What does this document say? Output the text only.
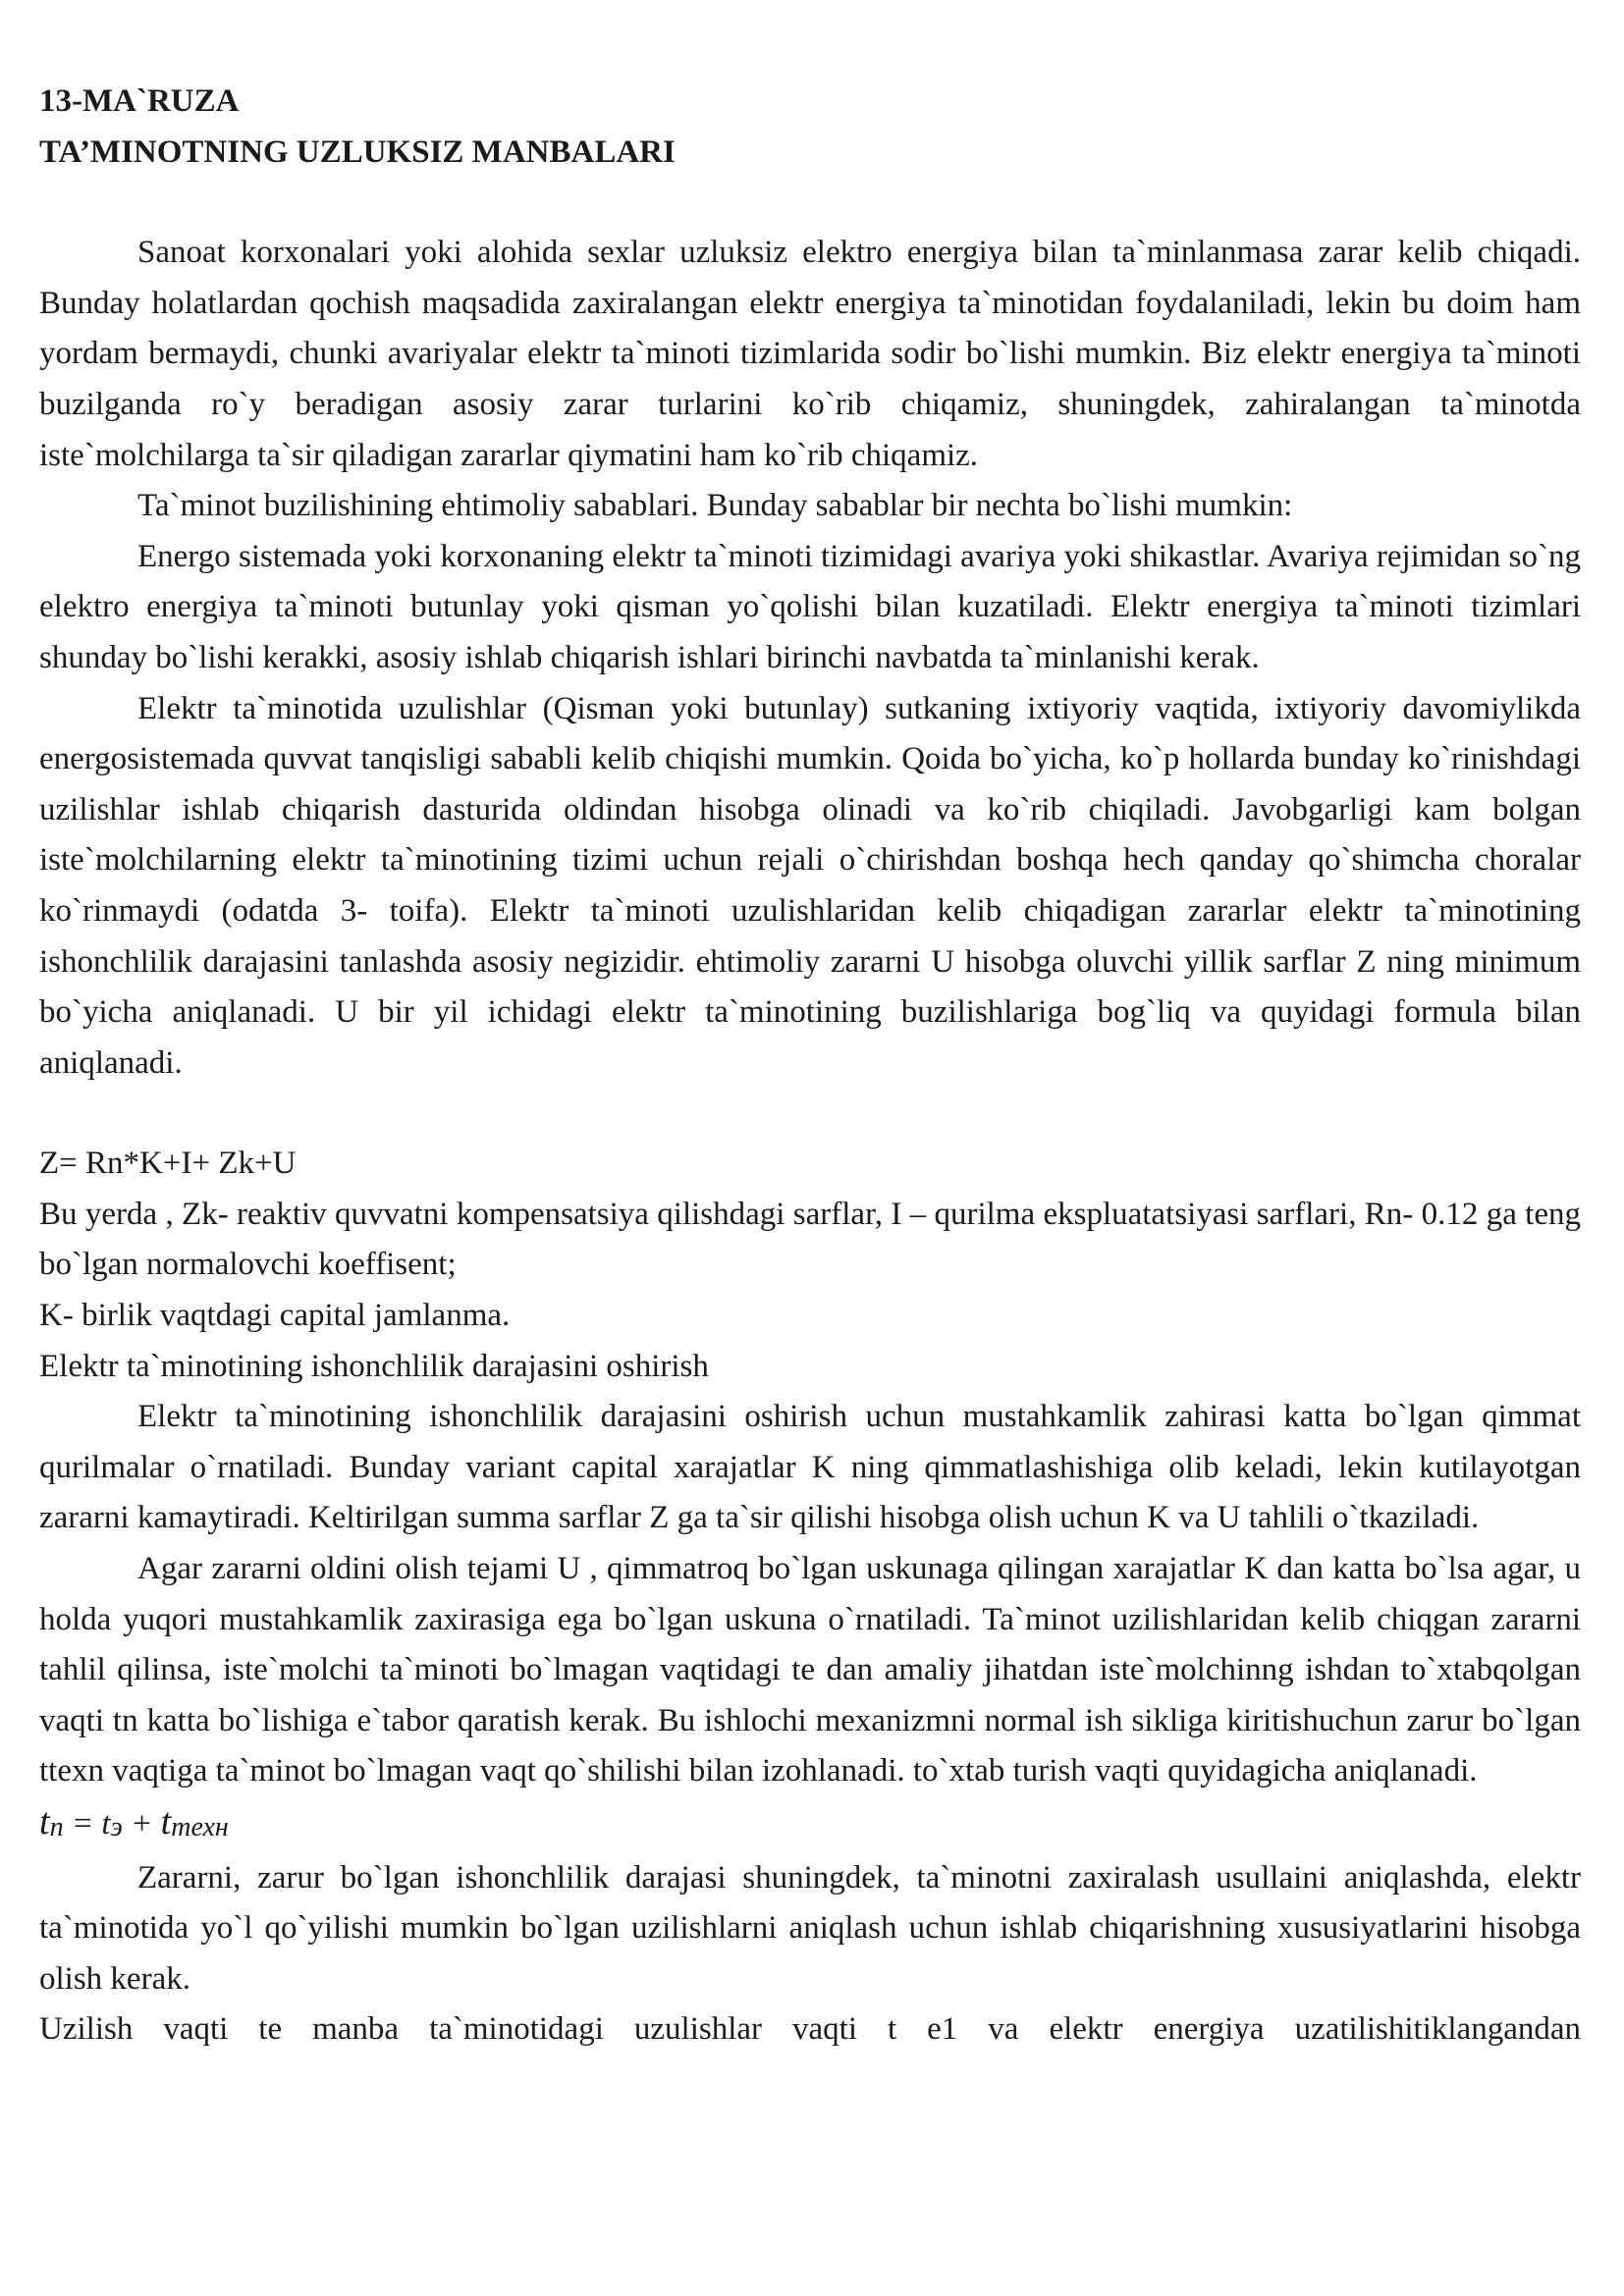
13-MA`RUZA

TA’MINOTNING UZLUKSIZ MANBALARI

Sanoat korxonalari yoki alohida sexlar uzluksiz elektro energiya bilan ta`minlanmasa zarar kelib chiqadi. Bunday holatlardan qochish maqsadida zaxiralangan elektr energiya ta`minotidan foydalaniladi, lekin bu doim ham yordam bermaydi, chunki avariyalar elektr ta`minoti tizimlarida sodir bo`lishi mumkin. Biz elektr energiya ta`minoti buzilganda ro`y beradigan asosiy zarar turlarini ko`rib chiqamiz, shuningdek, zahiralangan ta`minotda iste`molchilarga ta`sir qiladigan zararlar qiymatini ham ko`rib chiqamiz.

Ta`minot buzilishining ehtimoliy sabablari. Bunday sabablar bir nechta bo`lishi mumkin:

Energo sistemada yoki korxonaning elektr ta`minoti tizimidagi avariya yoki shikastlar. Avariya rejimidan so`ng elektro energiya ta`minoti butunlay yoki qisman yo`qolishi bilan kuzatiladi. Elektr energiya ta`minoti tizimlari shunday bo`lishi kerakki, asosiy ishlab chiqarish ishlari birinchi navbatda ta`minlanishi kerak.

Elektr ta`minotida uzulishlar (Qisman yoki butunlay) sutkaning ixtiyoriy vaqtida, ixtiyoriy davomiylikda energosistemada quvvat tanqisligi sababli kelib chiqishi mumkin. Qoida bo`yicha, ko`p hollarda bunday ko`rinishdagi uzilishlar ishlab chiqarish dasturida oldindan hisobga olinadi va ko`rib chiqiladi. Javobgarligi kam bolgan iste`molchilarning elektr ta`minotining tizimi uchun rejali o`chirishdan boshqa hech qanday qo`shimcha choralar ko`rinmaydi (odatda 3- toifa). Elektr ta`minoti uzulishlaridan kelib chiqadigan zararlar elektr ta`minotining ishonchlilik darajasini tanlashda asosiy negizidir. ehtimoliy zararni U hisobga oluvchi yillik sarflar Z ning minimum bo`yicha aniqlanadi. U bir yil ichidagi elektr ta`minotining buzilishlariga bog`liq va quyidagi formula bilan aniqlanadi.

Z= Rn*K+I+ Zk+U

Bu yerda , Zk- reaktiv quvvatni kompensatsiya qilishdagi sarflar, I – qurilma ekspluatatsiyasi sarflari, Rn- 0.12 ga teng bo`lgan normalovchi koeffisent;

K- birlik vaqtdagi capital jamlanma.

Elektr ta`minotining ishonchlilik darajasini oshirish

Elektr ta`minotining ishonchlilik darajasini oshirish uchun mustahkamlik zahirasi katta bo`lgan qimmat qurilmalar o`rnatiladi. Bunday variant capital xarajatlar K ning qimmatlashishiga olib keladi, lekin kutilayotgan zararni kamaytiradi. Keltirilgan summa sarflar Z ga ta`sir qilishi hisobga olish uchun K va U tahlili o`tkaziladi.

Agar zararni oldini olish tejami U , qimmatroq bo`lgan uskunaga qilingan xarajatlar K dan katta bo`lsa agar, u holda yuqori mustahkamlik zaxirasiga ega bo`lgan uskuna o`rnatiladi. Ta`minot uzilishlaridan kelib chiqgan zararni tahlil qilinsa, iste`molchi ta`minoti bo`lmagan vaqtidagi te dan amaliy jihatdan iste`molchinng ishdan to`xtabqolgan vaqti tn katta bo`lishiga e`tabor qaratish kerak. Bu ishlochi mexanizmni normal ish sikliga kiritishuchun zarur bo`lgan ttexn vaqtiga ta`minot bo`lmagan vaqt qo`shilishi bilan izohlanadi. to`xtab turish vaqti quyidagicha aniqlanadi.

$t_n = t_э + t_{техн}$

Zararni, zarur bo`lgan ishonchlilik darajasi shuningdek, ta`minotni zaxiralash usullaini aniqlashda, elektr ta`minotida yo`l qo`yilishi mumkin bo`lgan uzilishlarni aniqlash uchun ishlab chiqarishning xususiyatlarini hisobga olish kerak.

Uzilish vaqti te manba ta`minotidagi uzulishlar vaqti t e1 va elektr energiya uzatilishitiklangandan
